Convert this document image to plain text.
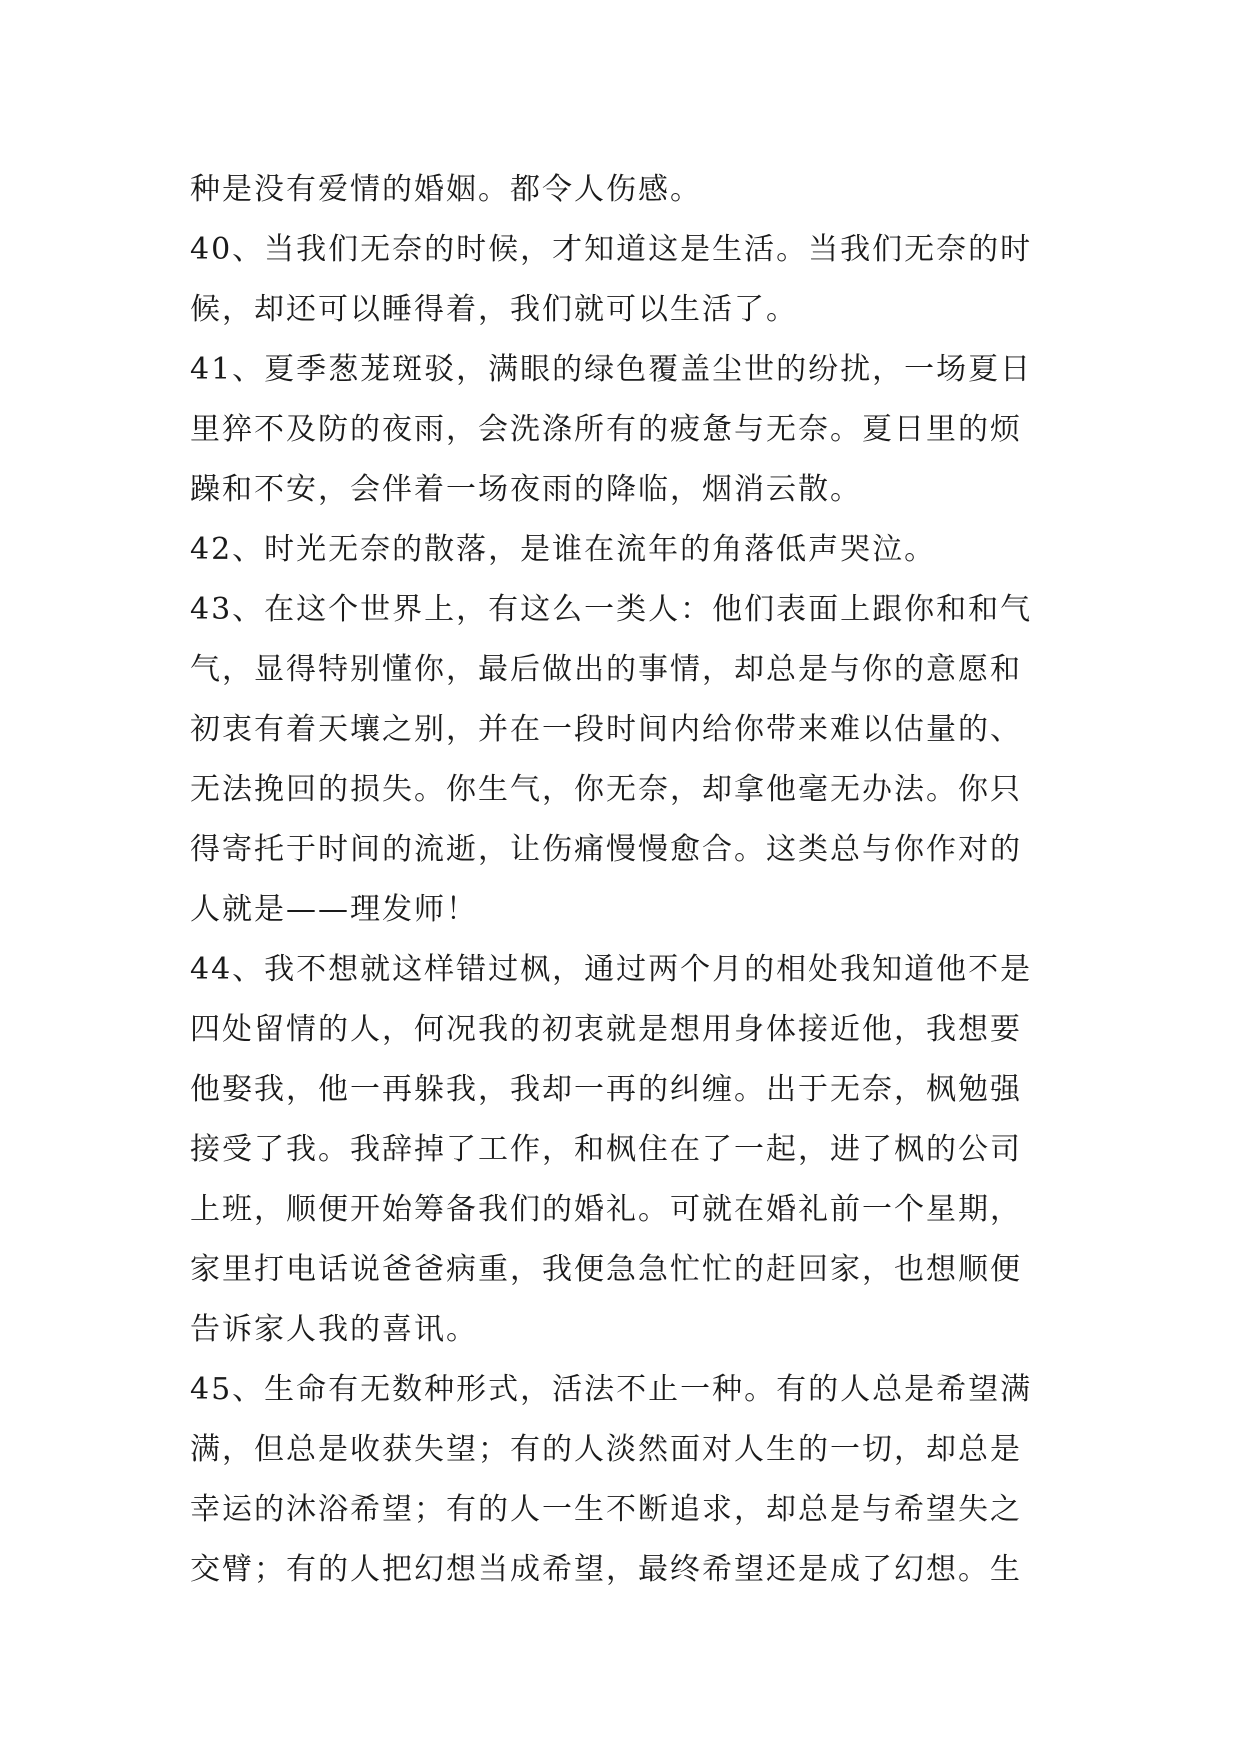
种是没有爱情的婚姻。都令人伤感。
40、当我们无奈的时候，才知道这是生活。当我们无奈的时
候，却还可以睡得着，我们就可以生活了。
41、夏季葱茏斑驳，满眼的绿色覆盖尘世的纷扰，一场夏日
里猝不及防的夜雨，会洗涤所有的疲惫与无奈。夏日里的烦
躁和不安，会伴着一场夜雨的降临，烟消云散。
42、时光无奈的散落，是谁在流年的角落低声哭泣。
43、在这个世界上，有这么一类人：他们表面上跟你和和气
气，显得特别懂你，最后做出的事情，却总是与你的意愿和
初衷有着天壤之别，并在一段时间内给你带来难以估量的、
无法挽回的损失。你生气，你无奈，却拿他毫无办法。你只
得寄托于时间的流逝，让伤痛慢慢愈合。这类总与你作对的
人就是——理发师！
44、我不想就这样错过枫，通过两个月的相处我知道他不是
四处留情的人，何况我的初衷就是想用身体接近他，我想要
他娶我，他一再躲我，我却一再的纠缠。出于无奈，枫勉强
接受了我。我辞掉了工作，和枫住在了一起，进了枫的公司
上班，顺便开始筹备我们的婚礼。可就在婚礼前一个星期，
家里打电话说爸爸病重，我便急急忙忙的赶回家，也想顺便
告诉家人我的喜讯。
45、生命有无数种形式，活法不止一种。有的人总是希望满
满，但总是收获失望；有的人淡然面对人生的一切，却总是
幸运的沐浴希望；有的人一生不断追求，却总是与希望失之
交臂；有的人把幻想当成希望，最终希望还是成了幻想。生
